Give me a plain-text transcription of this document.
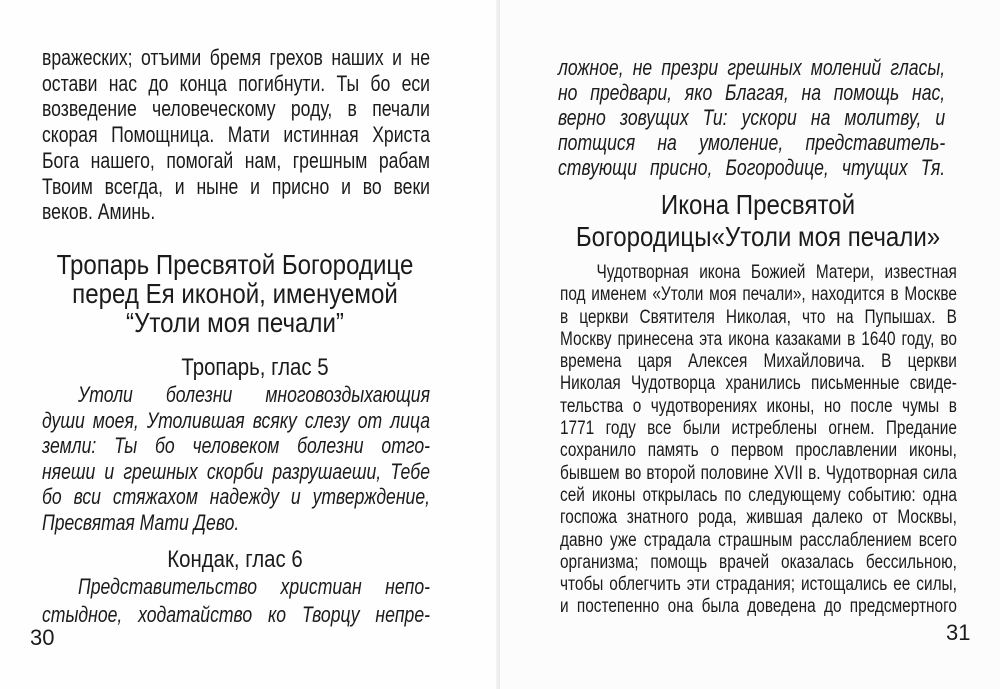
вражеских; отъими бремя грехов наших и не
остави нас до конца погибнути. Ты бо еси
возведение человеческому роду, в печали
скорая Помощница. Мати истинная Христа
Бога нашего, помогай нам, грешным рабам
Твоим всегда, и ныне и присно и во веки
веков. Аминь.
Тропарь Пресвятой Богородице
перед Ея иконой, именуемой
“Утоли моя печали”
Тропарь, глас 5
Утоли болезни многовоздыхающия
души моея, Утолившая всяку слезу от лица
земли: Ты бо человеком болезни отго-
няеши и грешных скорби разрушаеши, Тебе
бо вси стяжахом надежду и утверждение,
Пресвятая Мати Дево.
Кондак, глас 6
Представительство христиан непо-
стыдное, ходатайство ко Творцу непре-
30
ложное, не презри грешных молений гласы,
но предвари, яко Благая, на помощь нас,
верно зовущих Ти: ускори на молитву, и
потщися на умоление, представитель-
ствующи присно, Богородице, чтущих Тя.
Икона Пресвятой
Богородицы«Утоли моя печали»
Чудотворная икона Божией Матери, известная
под именем «Утоли моя печали», находится в Москве
в церкви Святителя Николая, что на Пупышах. В
Москву принесена эта икона казаками в 1640 году, во
времена царя Алексея Михайловича. В церкви
Николая Чудотворца хранились письменные свиде-
тельства о чудотворениях иконы, но после чумы в
1771 году все были истреблены огнем. Предание
сохранило память о первом прославлении иконы,
бывшем во второй половине XVII в. Чудотворная сила
сей иконы открылась по следующему событию: одна
госпожа знатного рода, жившая далеко от Москвы,
давно уже страдала страшным расслаблением всего
организма; помощь врачей оказалась бессильною,
чтобы облегчить эти страдания; истощались ее силы,
и постепенно она была доведена до предсмертного
31
